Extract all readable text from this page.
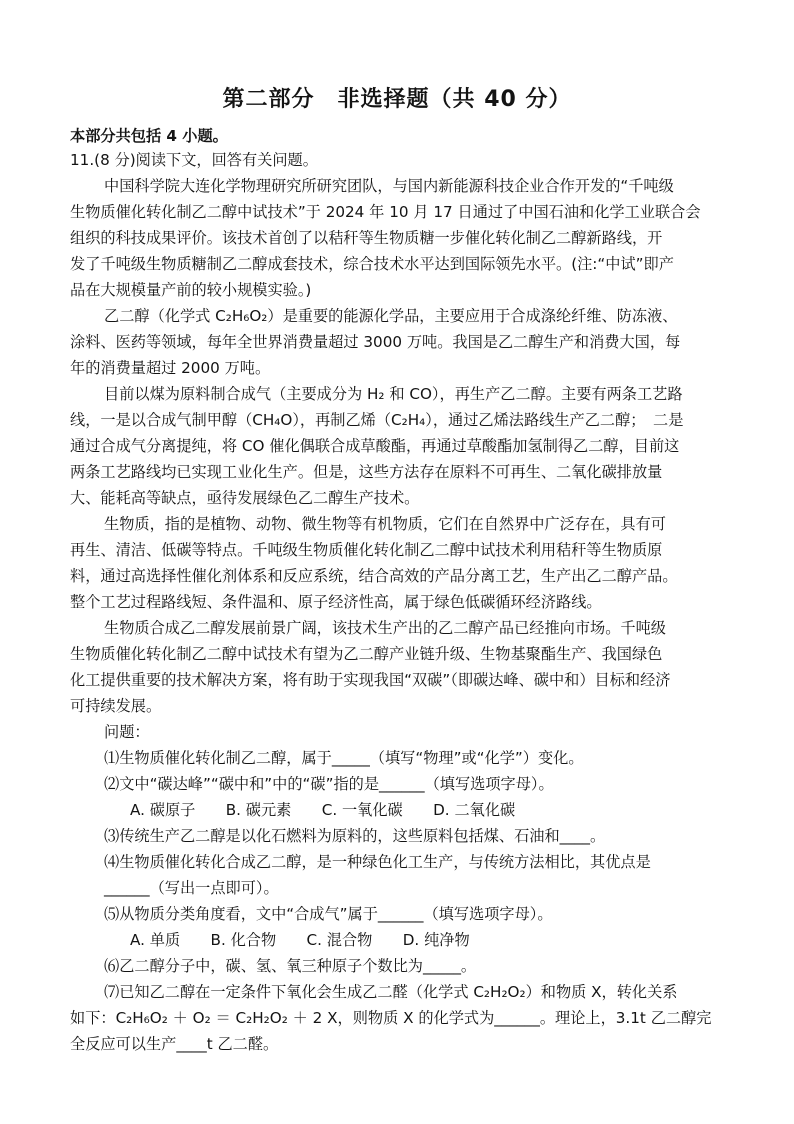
第二部分　非选择题（共 40 分）
本部分共包括 4 小题。
11.(8 分)阅读下文，回答有关问题。
中国科学院大连化学物理研究所研究团队，与国内新能源科技企业合作开发的“千吨级
生物质催化转化制乙二醇中试技术”于 2024 年 10 月 17 日通过了中国石油和化学工业联合会
组织的科技成果评价。该技术首创了以秸秆等生物质糖一步催化转化制乙二醇新路线，开
发了千吨级生物质糖制乙二醇成套技术，综合技术水平达到国际领先水平。(注:“中试”即产
品在大规模量产前的较小规模实验。)
乙二醇（化学式 C₂H₆O₂）是重要的能源化学品，主要应用于合成涤纶纤维、防冻液、
涂料、医药等领域，每年全世界消费量超过 3000 万吨。我国是乙二醇生产和消费大国，每
年的消费量超过 2000 万吨。
目前以煤为原料制合成气（主要成分为 H₂ 和 CO），再生产乙二醇。主要有两条工艺路
线，一是以合成气制甲醇（CH₄O），再制乙烯（C₂H₄），通过乙烯法路线生产乙二醇；　二是
通过合成气分离提纯，将 CO 催化偶联合成草酸酯，再通过草酸酯加氢制得乙二醇，目前这
两条工艺路线均已实现工业化生产。但是，这些方法存在原料不可再生、二氧化碳排放量
大、能耗高等缺点，亟待发展绿色乙二醇生产技术。
生物质，指的是植物、动物、微生物等有机物质，它们在自然界中广泛存在，具有可
再生、清洁、低碳等特点。千吨级生物质催化转化制乙二醇中试技术利用秸秆等生物质原
料，通过高选择性催化剂体系和反应系统，结合高效的产品分离工艺，生产出乙二醇产品。
整个工艺过程路线短、条件温和、原子经济性高，属于绿色低碳循环经济路线。
生物质合成乙二醇发展前景广阔，该技术生产出的乙二醇产品已经推向市场。千吨级
生物质催化转化制乙二醇中试技术有望为乙二醇产业链升级、生物基聚酯生产、我国绿色
化工提供重要的技术解决方案，将有助于实现我国“双碳”（即碳达峰、碳中和）目标和经济
可持续发展。
问题：
⑴生物质催化转化制乙二醇，属于_____（填写“物理”或“化学”）变化。
⑵文中“碳达峰”“碳中和”中的“碳”指的是______（填写选项字母）。
A. 碳原子　　B. 碳元素　　C. 一氧化碳　　D. 二氧化碳
⑶传统生产乙二醇是以化石燃料为原料的，这些原料包括煤、石油和____。
⑷生物质催化转化合成乙二醇，是一种绿色化工生产，与传统方法相比，其优点是
______（写出一点即可）。
⑸从物质分类角度看，文中“合成气”属于______（填写选项字母）。
A. 单质　　B. 化合物　　C. 混合物　　D. 纯净物
⑹乙二醇分子中，碳、氢、氧三种原子个数比为_____。
⑺已知乙二醇在一定条件下氧化会生成乙二醛（化学式 C₂H₂O₂）和物质 X，转化关系
如下：C₂H₆O₂ ＋ O₂ ＝ C₂H₂O₂ ＋ 2 X，则物质 X 的化学式为______。理论上，3.1t 乙二醇完
全反应可以生产____t 乙二醛。
